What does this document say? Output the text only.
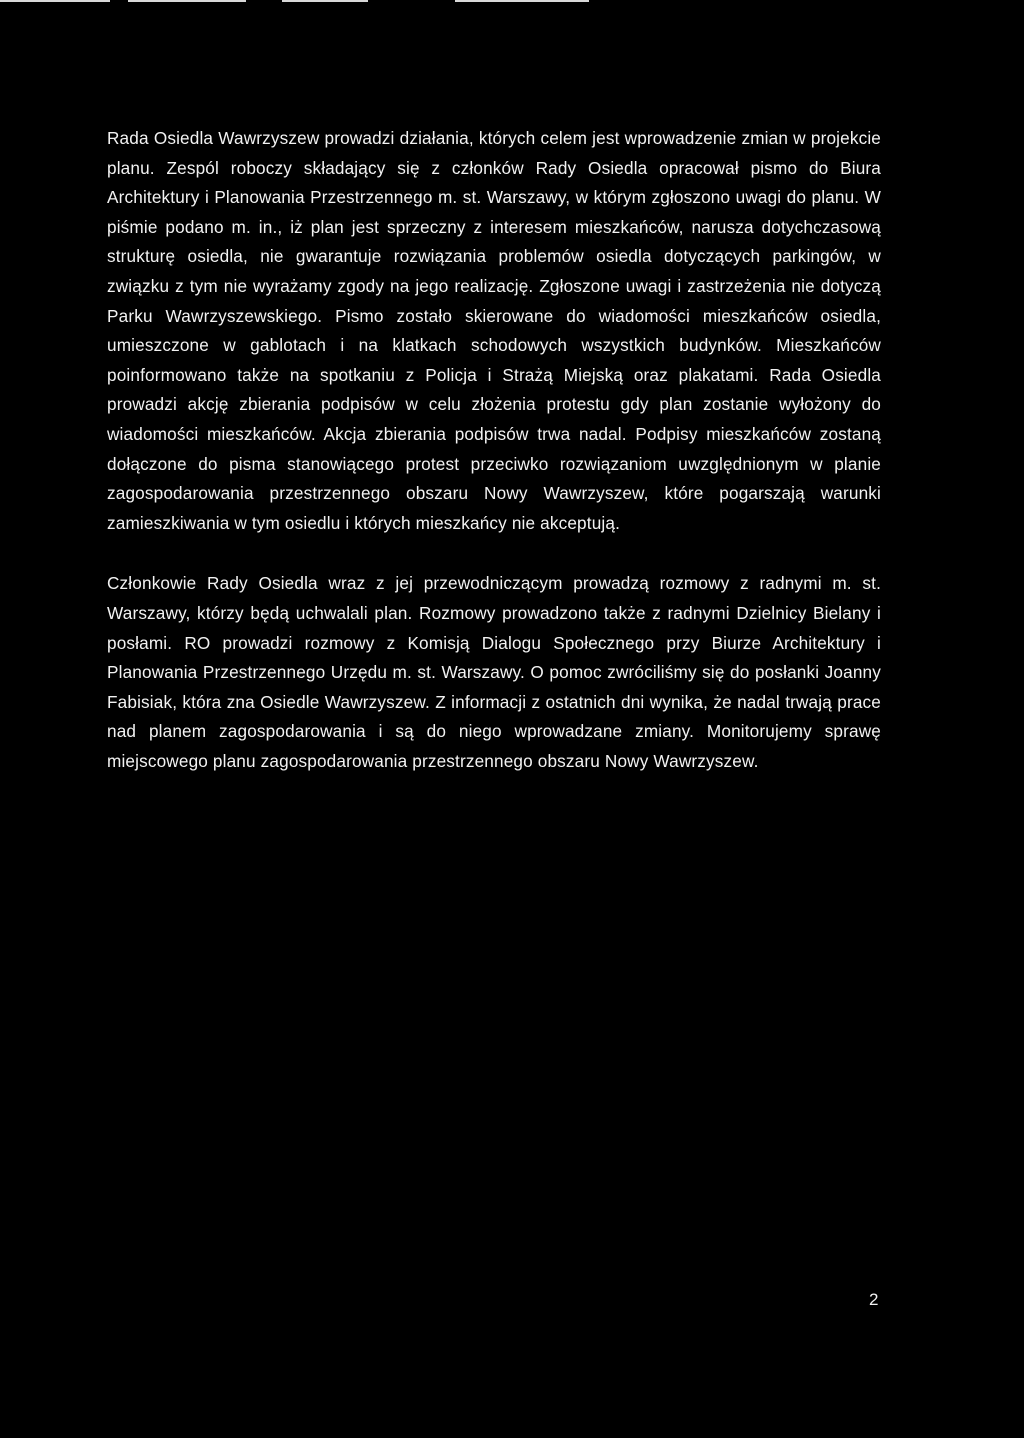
Rada Osiedla Wawrzyszew prowadzi działania, których celem jest wprowadzenie zmian w projekcie planu. Zespól roboczy składający się z członków Rady Osiedla opracował pismo do Biura Architektury i Planowania Przestrzennego m. st. Warszawy, w którym zgłoszono uwagi do planu. W piśmie podano m. in., iż plan jest sprzeczny z interesem mieszkańców, narusza dotychczasową strukturę osiedla, nie gwarantuje rozwiązania problemów osiedla dotyczących parkingów, w związku z tym nie wyrażamy zgody na jego realizację. Zgłoszone uwagi i zastrzeżenia nie dotyczą Parku Wawrzyszewskiego. Pismo zostało skierowane do wiadomości mieszkańców osiedla, umieszczone w gablotach i na klatkach schodowych wszystkich budynków. Mieszkańców poinformowano także na spotkaniu z Policja i Strażą Miejską oraz plakatami. Rada Osiedla prowadzi akcję zbierania podpisów w celu złożenia protestu gdy plan zostanie wyłożony do wiadomości mieszkańców. Akcja zbierania podpisów trwa nadal. Podpisy mieszkańców zostaną dołączone do pisma stanowiącego protest przeciwko rozwiązaniom uwzględnionym w planie zagospodarowania przestrzennego obszaru Nowy Wawrzyszew, które pogarszają warunki zamieszkiwania w tym osiedlu i których mieszkańcy nie akceptują.

Członkowie Rady Osiedla wraz z jej przewodniczącym prowadzą rozmowy z radnymi m. st. Warszawy, którzy będą uchwalali plan. Rozmowy prowadzono także z radnymi Dzielnicy Bielany i posłami. RO prowadzi rozmowy z Komisją Dialogu Społecznego przy Biurze Architektury i Planowania Przestrzennego Urzędu m. st. Warszawy. O pomoc zwróciliśmy się do posłanki Joanny Fabisiak, która zna Osiedle Wawrzyszew. Z informacji z ostatnich dni wynika, że nadal trwają prace nad planem zagospodarowania i są do niego wprowadzane zmiany. Monitorujemy sprawę miejscowego planu zagospodarowania przestrzennego obszaru Nowy Wawrzyszew.

2
